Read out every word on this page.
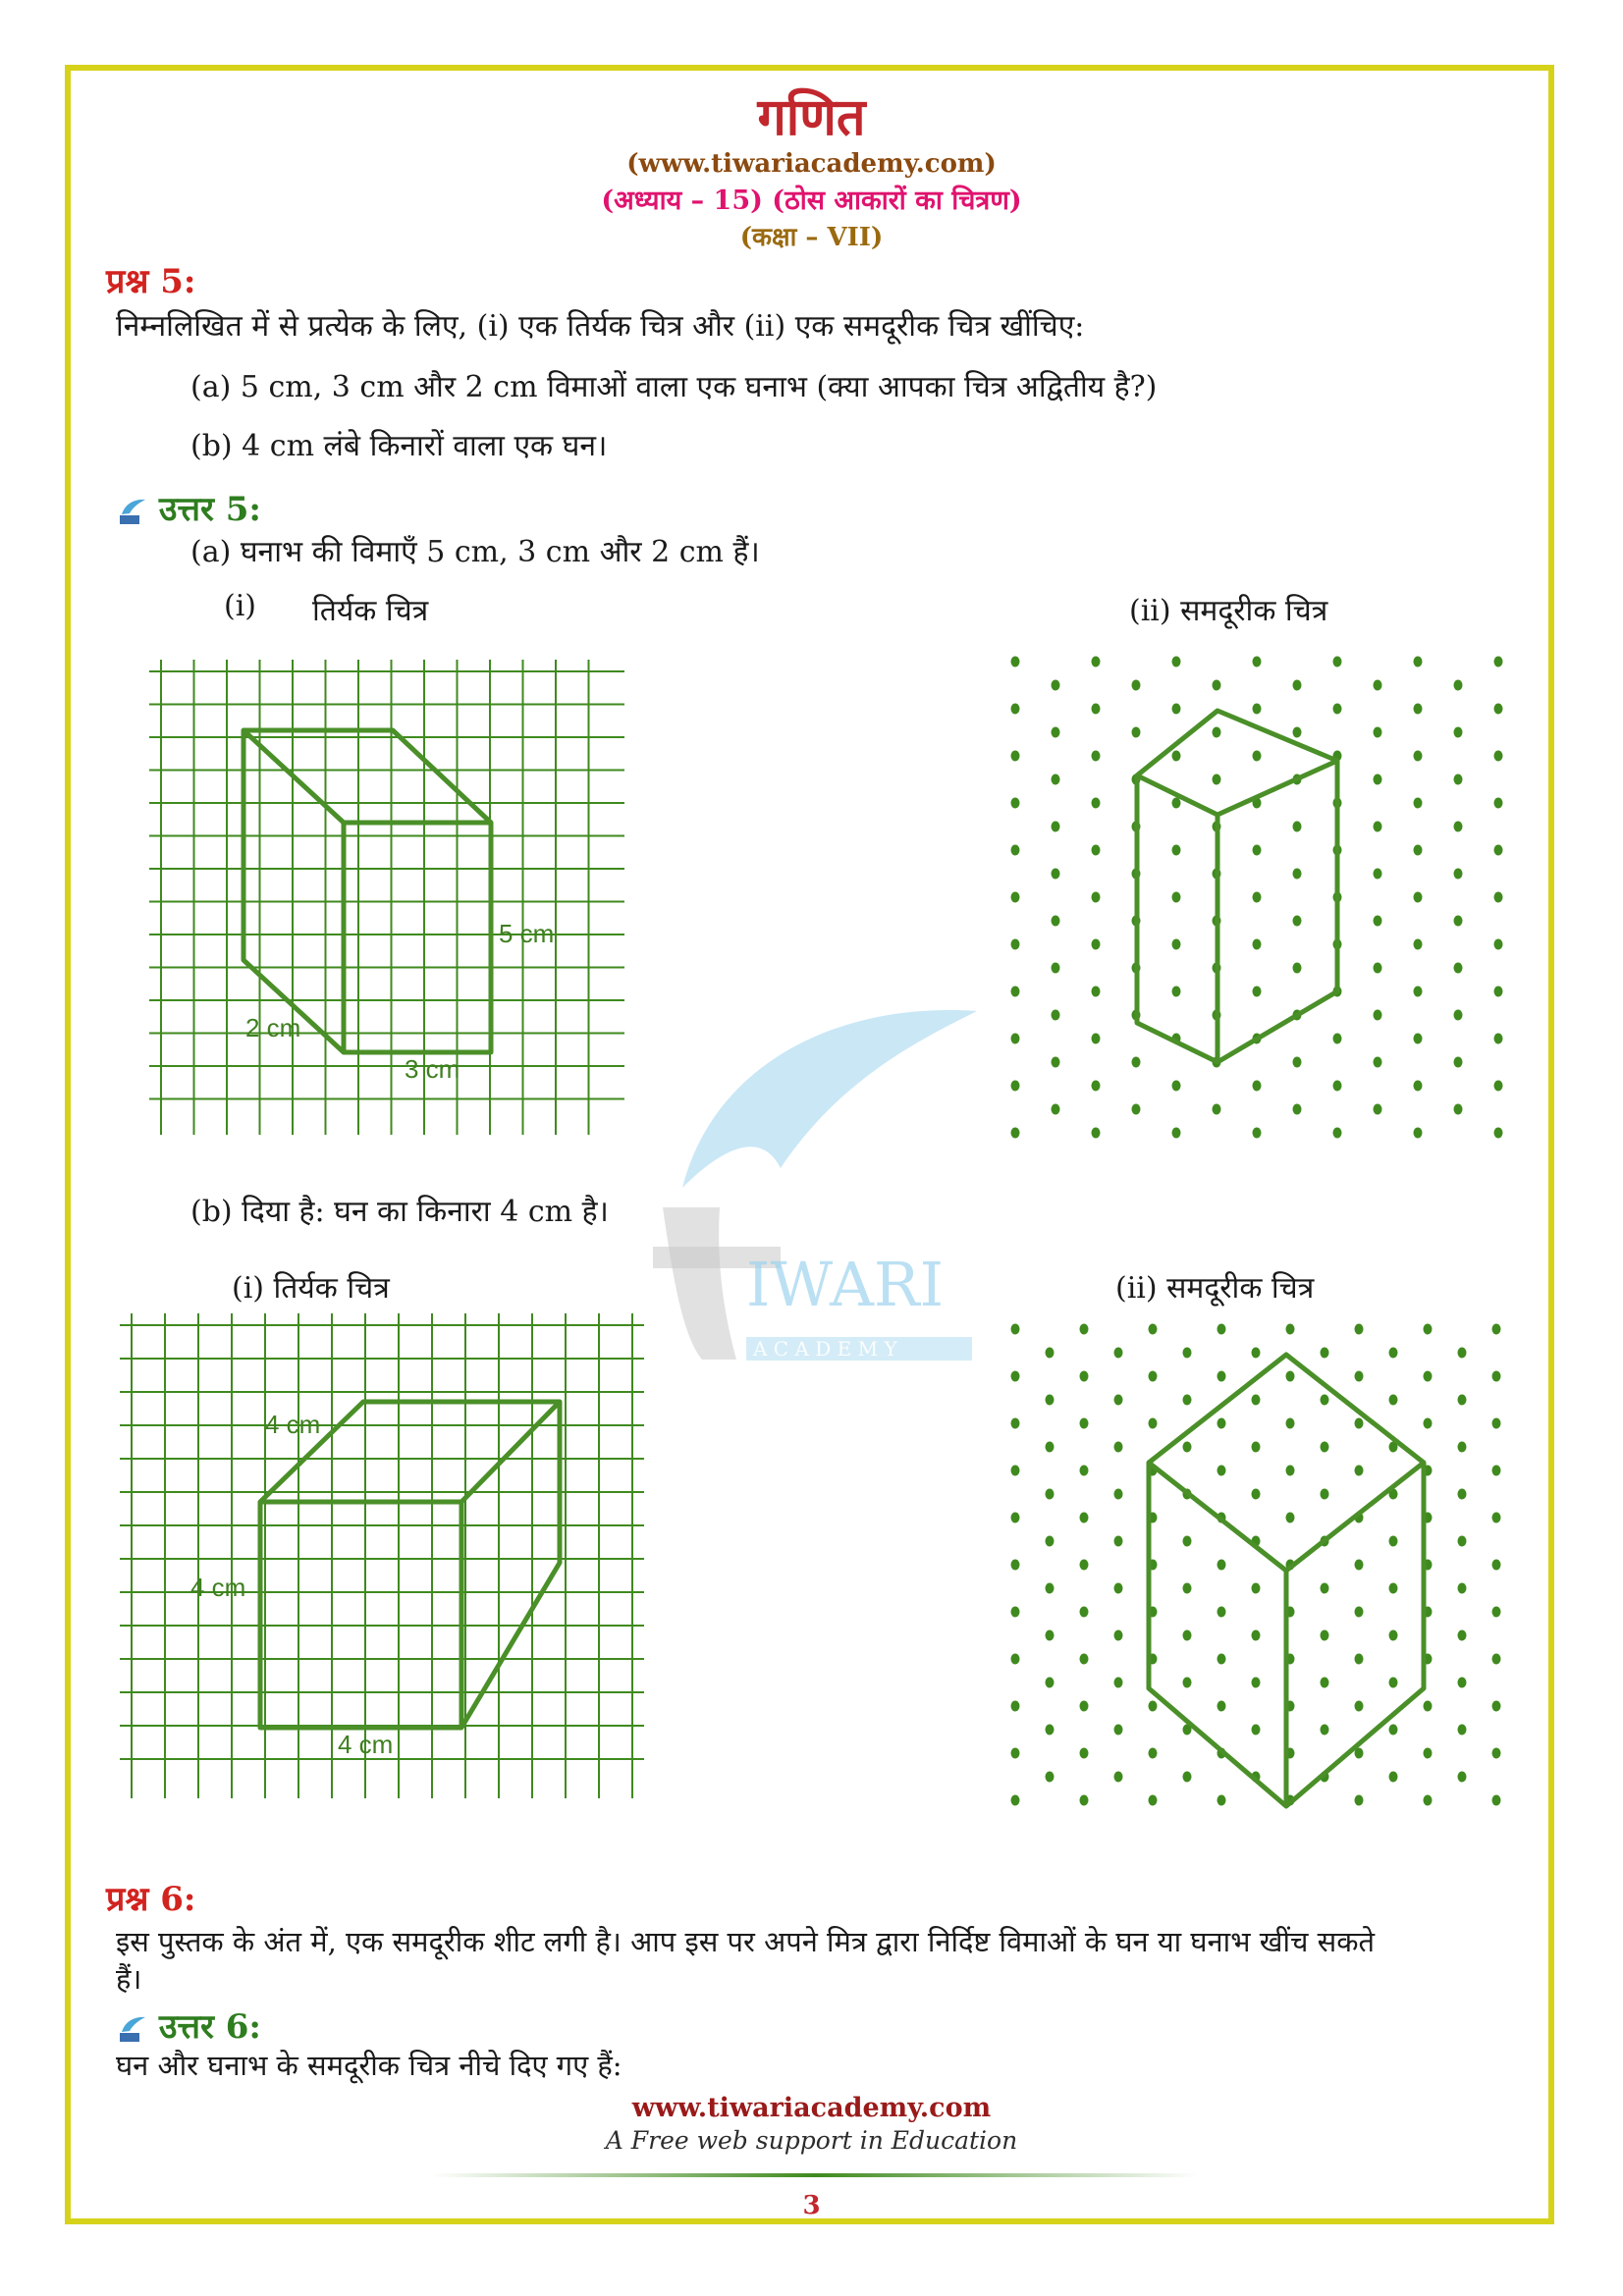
IWARI
A C A D E M Y
गणित
(www.tiwariacademy.com)
(अध्याय – 15) (ठोस आकारों का चित्रण)
(कक्षा – VII)
प्रश्न 5:
निम्नलिखित में से प्रत्येक के लिए, (i) एक तिर्यक चित्र और (ii) एक समदूरीक चित्र खींचिए:
(a) 5 cm, 3 cm और 2 cm विमाओं वाला एक घनाभ (क्या आपका चित्र अद्वितीय है?)
(b) 4 cm लंबे किनारों वाला एक घन।
उत्तर 5:
(a) घनाभ की विमाएँ 5 cm, 3 cm और 2 cm हैं।
(i) तिर्यक चित्र	(ii) समदूरीक चित्र
5 cm
2 cm
3 cm
(b) दिया है: घन का किनारा 4 cm है।
(i) तिर्यक चित्र	(ii) समदूरीक चित्र
4 cm
4 cm
4 cm
प्रश्न 6:
इस पुस्तक के अंत में, एक समदूरीक शीट लगी है। आप इस पर अपने मित्र द्वारा निर्दिष्ट विमाओं के घन या घनाभ खींच सकते
हैं।
उत्तर 6:
घन और घनाभ के समदूरीक चित्र नीचे दिए गए हैं:
www.tiwariacademy.com
A Free web support in Education
3
